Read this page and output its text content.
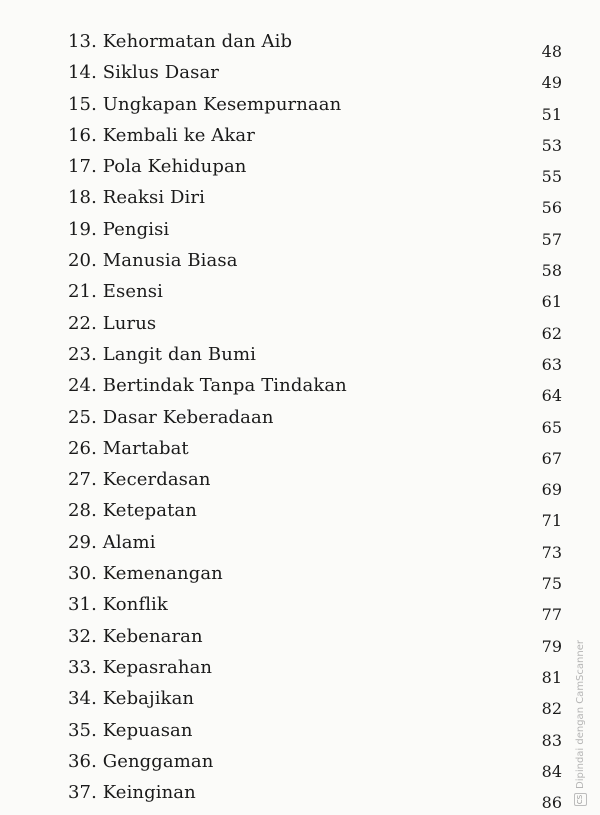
13. Kehormatan dan Aib	48
14. Siklus Dasar	49
15. Ungkapan Kesempurnaan	51
16. Kembali ke Akar	53
17. Pola Kehidupan	55
18. Reaksi Diri	56
19. Pengisi	57
20. Manusia Biasa	58
21. Esensi	61
22. Lurus	62
23. Langit dan Bumi	63
24. Bertindak Tanpa Tindakan	64
25. Dasar Keberadaan	65
26. Martabat	67
27. Kecerdasan	69
28. Ketepatan	71
29. Alami	73
30. Kemenangan	75
31. Konflik	77
32. Kebenaran	79
33. Kepasrahan	81
34. Kebajikan	82
35. Kepuasan	83
36. Genggaman	84
37. Keinginan	86 CS
Dipindai dengan CamScanner
